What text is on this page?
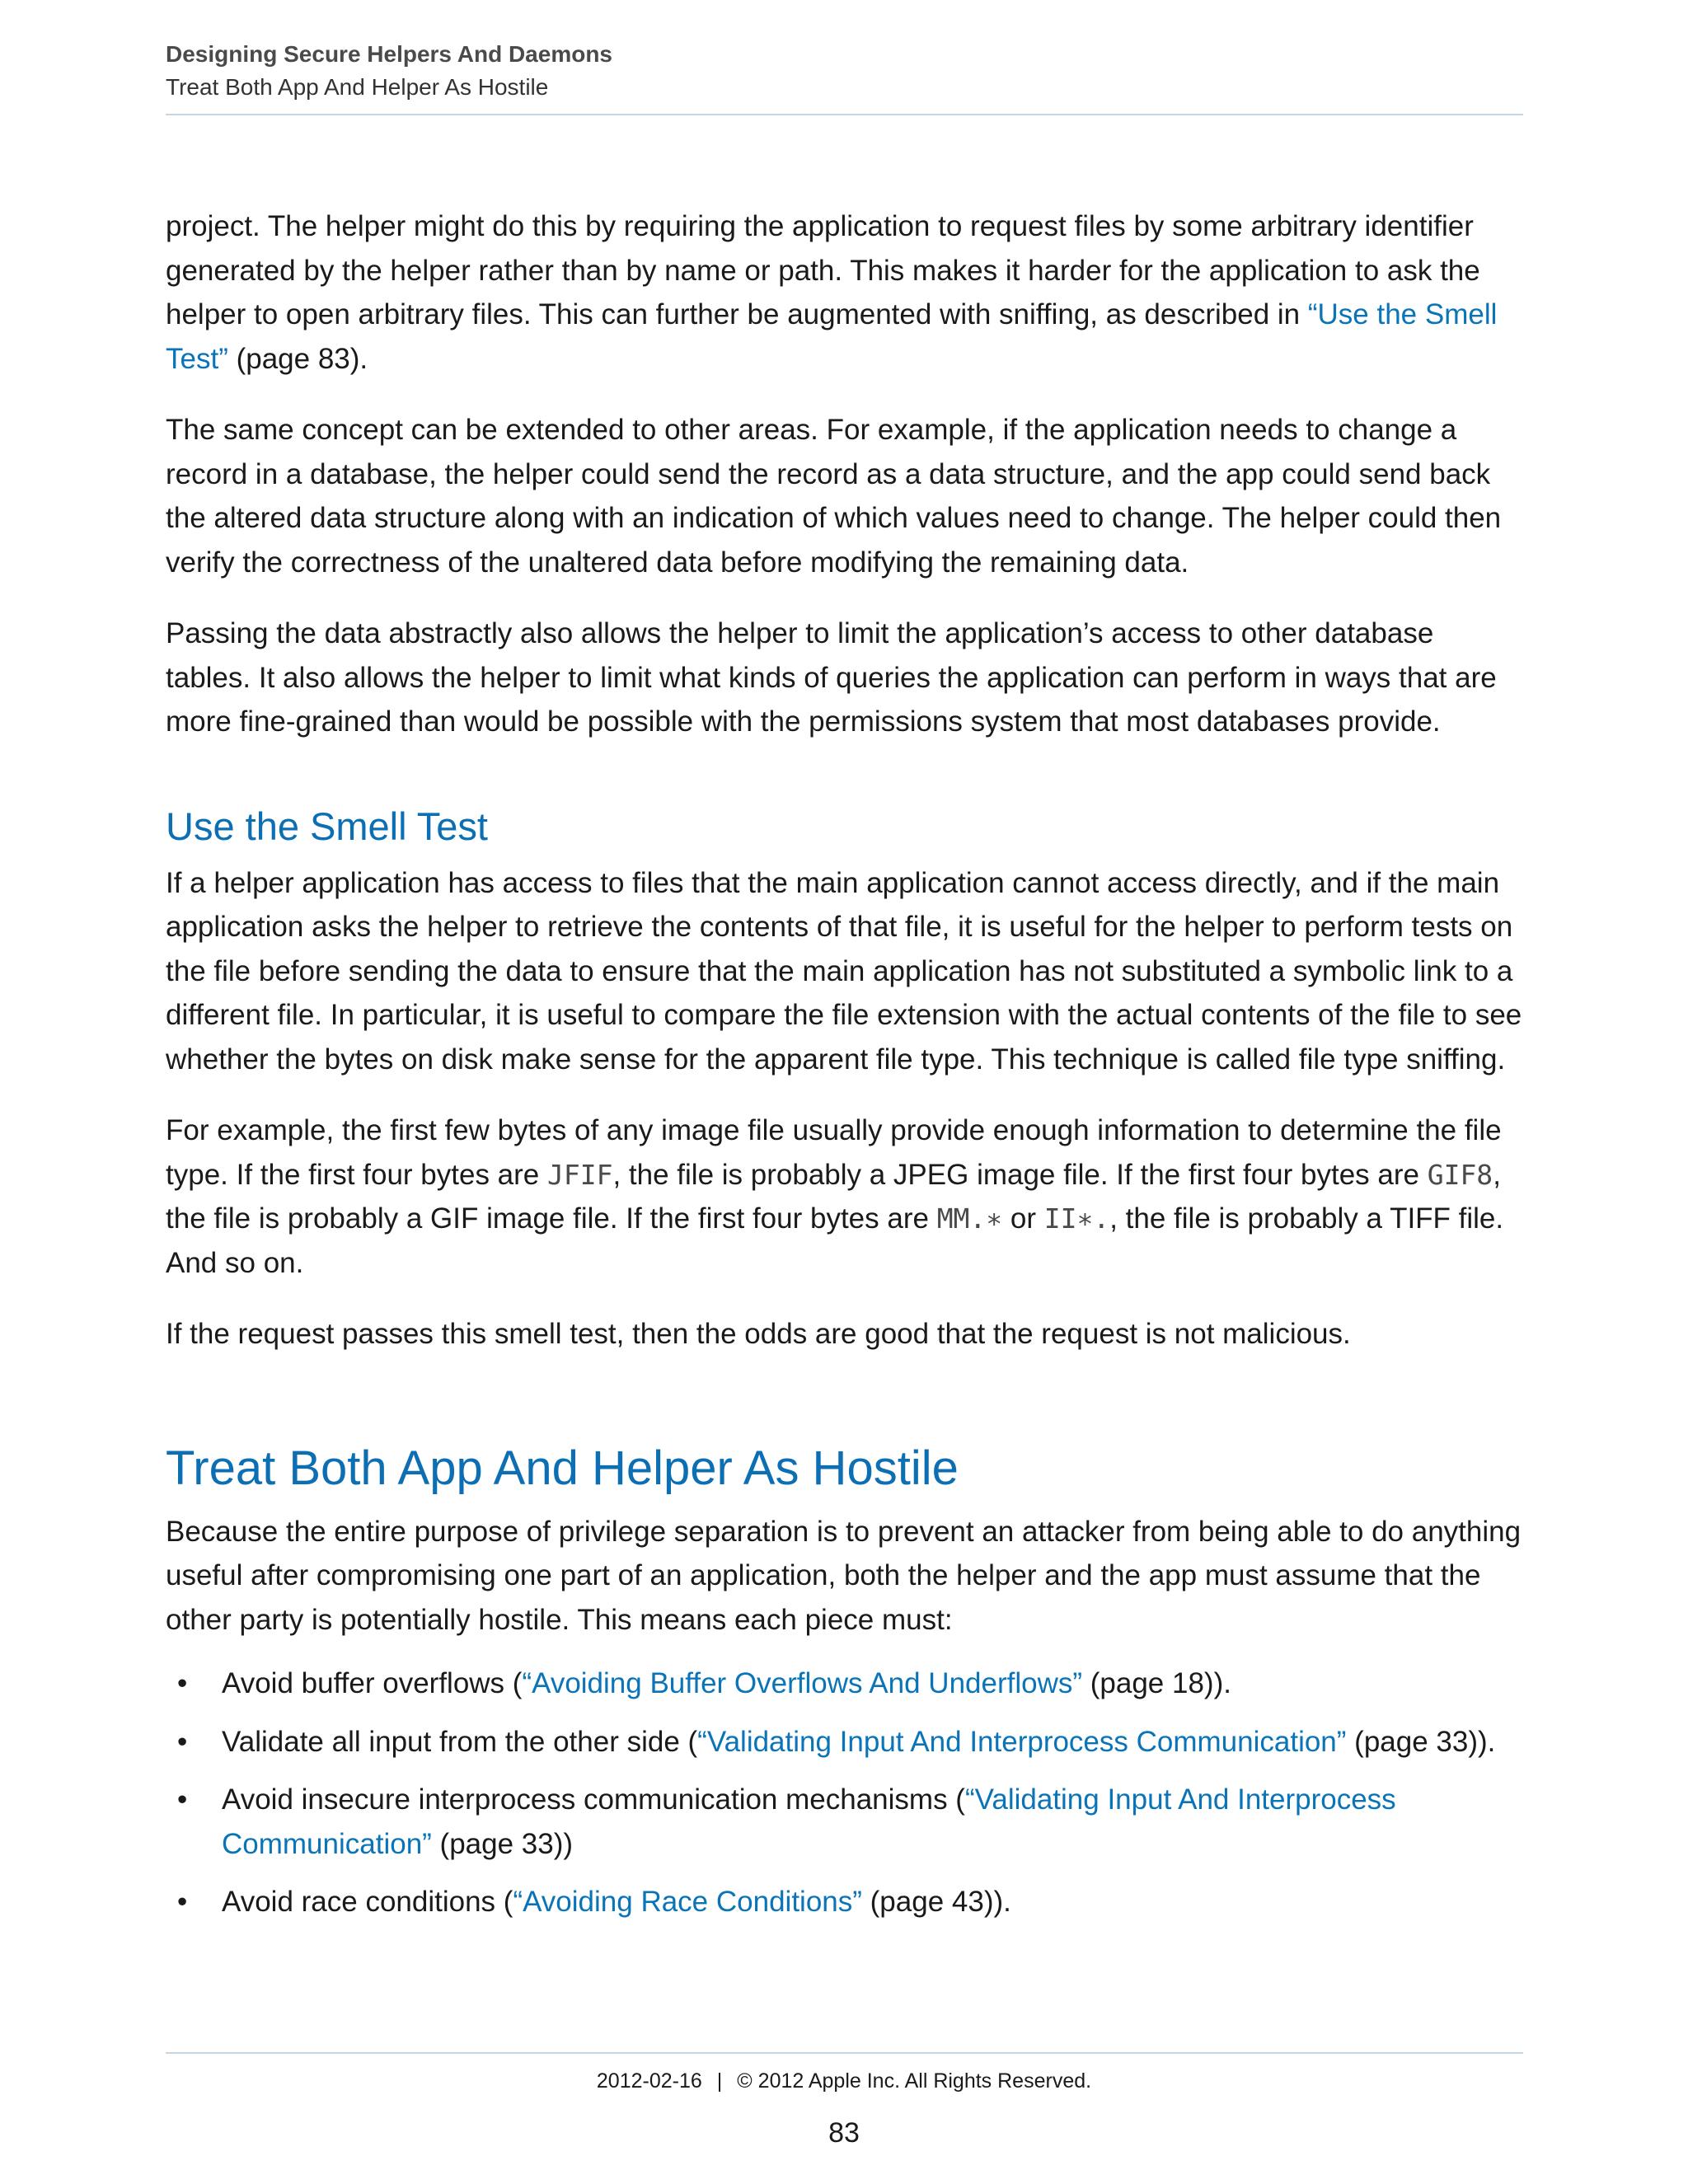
Designing Secure Helpers And Daemons
Treat Both App And Helper As Hostile

project. The helper might do this by requiring the application to request files by some arbitrary identifier generated by the helper rather than by name or path. This makes it harder for the application to ask the helper to open arbitrary files. This can further be augmented with sniffing, as described in “Use the Smell Test” (page 83).

The same concept can be extended to other areas. For example, if the application needs to change a record in a database, the helper could send the record as a data structure, and the app could send back the altered data structure along with an indication of which values need to change. The helper could then verify the correctness of the unaltered data before modifying the remaining data.

Passing the data abstractly also allows the helper to limit the application’s access to other database tables. It also allows the helper to limit what kinds of queries the application can perform in ways that are more fine-grained than would be possible with the permissions system that most databases provide.

Use the Smell Test

If a helper application has access to files that the main application cannot access directly, and if the main application asks the helper to retrieve the contents of that file, it is useful for the helper to perform tests on the file before sending the data to ensure that the main application has not substituted a symbolic link to a different file. In particular, it is useful to compare the file extension with the actual contents of the file to see whether the bytes on disk make sense for the apparent file type. This technique is called file type sniffing.

For example, the first few bytes of any image file usually provide enough information to determine the file type. If the first four bytes are JFIF, the file is probably a JPEG image file. If the first four bytes are GIF8, the file is probably a GIF image file. If the first four bytes are MM.∗ or II∗., the file is probably a TIFF file. And so on.

If the request passes this smell test, then the odds are good that the request is not malicious.

Treat Both App And Helper As Hostile

Because the entire purpose of privilege separation is to prevent an attacker from being able to do anything useful after compromising one part of an application, both the helper and the app must assume that the other party is potentially hostile. This means each piece must:

• Avoid buffer overflows (“Avoiding Buffer Overflows And Underflows” (page 18)).
• Validate all input from the other side (“Validating Input And Interprocess Communication” (page 33)).
• Avoid insecure interprocess communication mechanisms (“Validating Input And Interprocess Communication” (page 33))
• Avoid race conditions (“Avoiding Race Conditions” (page 43)).
2012-02-16 | © 2012 Apple Inc. All Rights Reserved.
83
